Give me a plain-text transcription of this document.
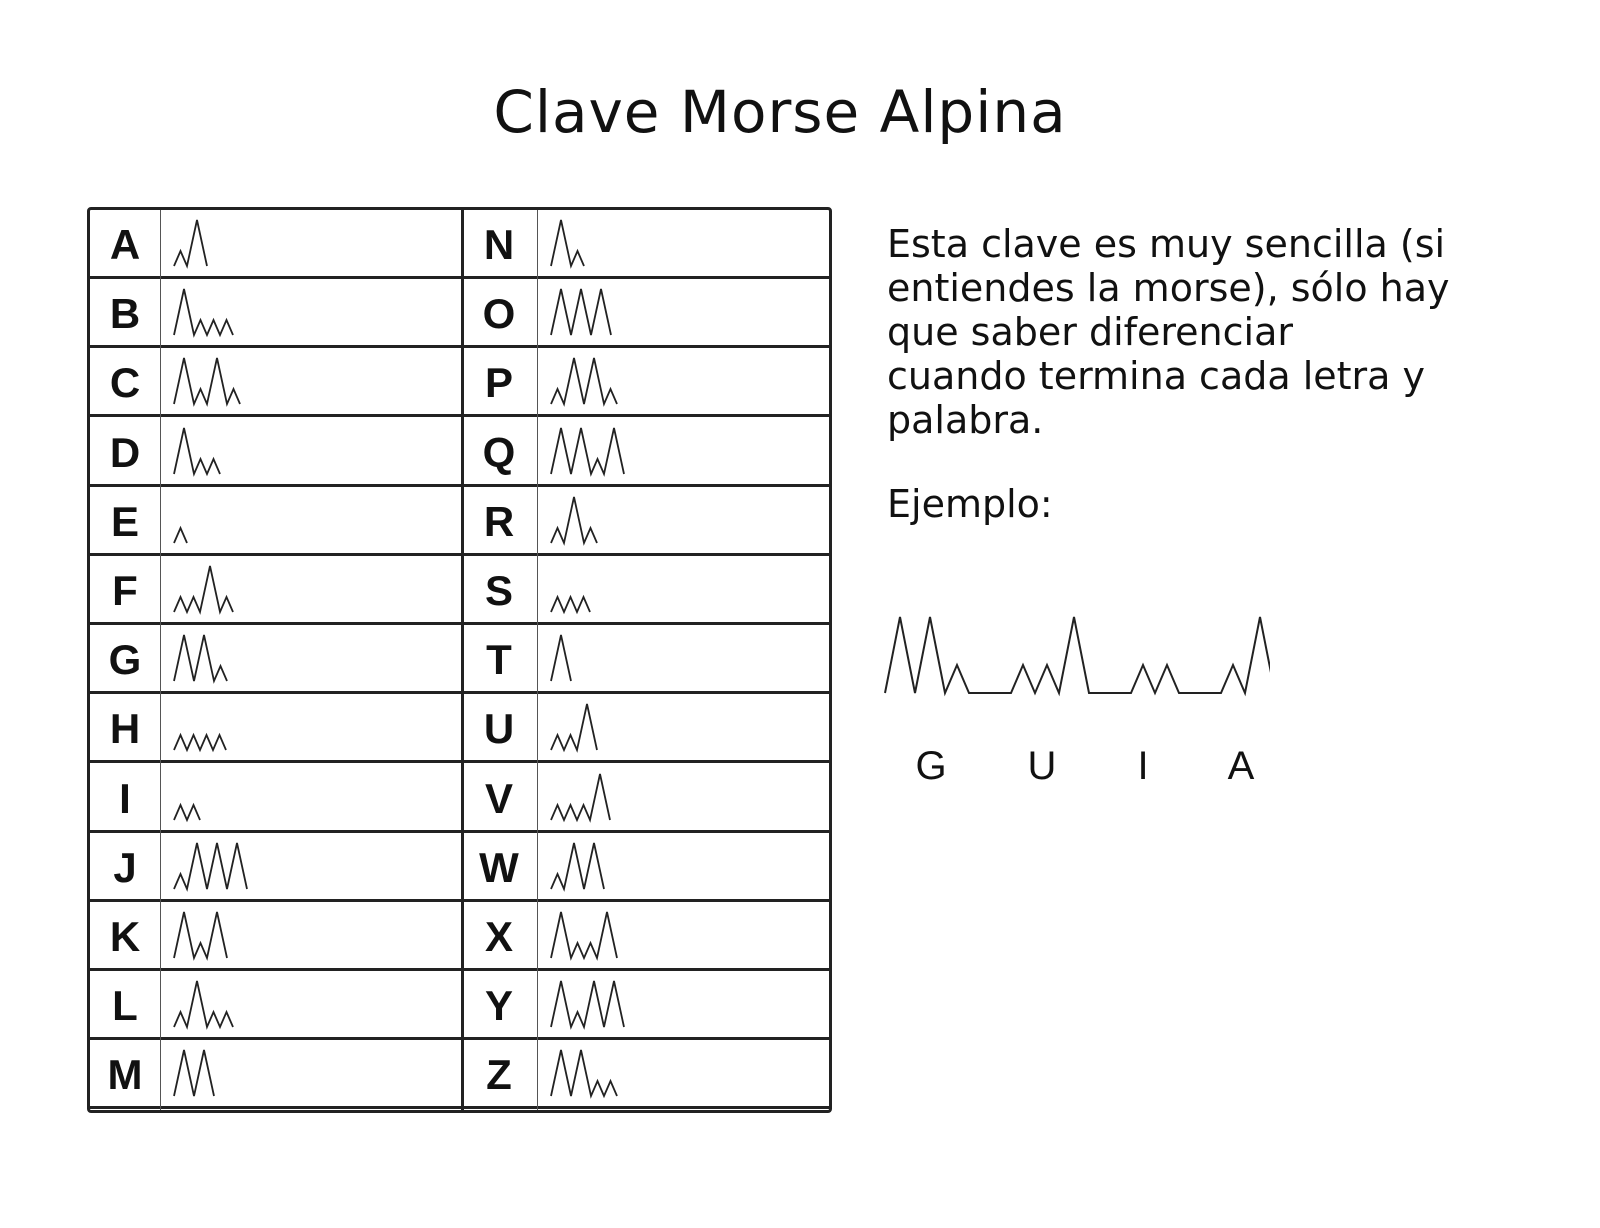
Clave Morse Alpina
A	N
B	O
C	P
D	Q
E	R
F	S
G	T
H	U
I	V
J	W
K	X
L	Y
M	Z
Esta clave es muy sencilla (si
entiendes la morse), sólo hay
que saber diferenciar
cuando termina cada letra y
palabra.
Ejemplo:
G	U	I	A
